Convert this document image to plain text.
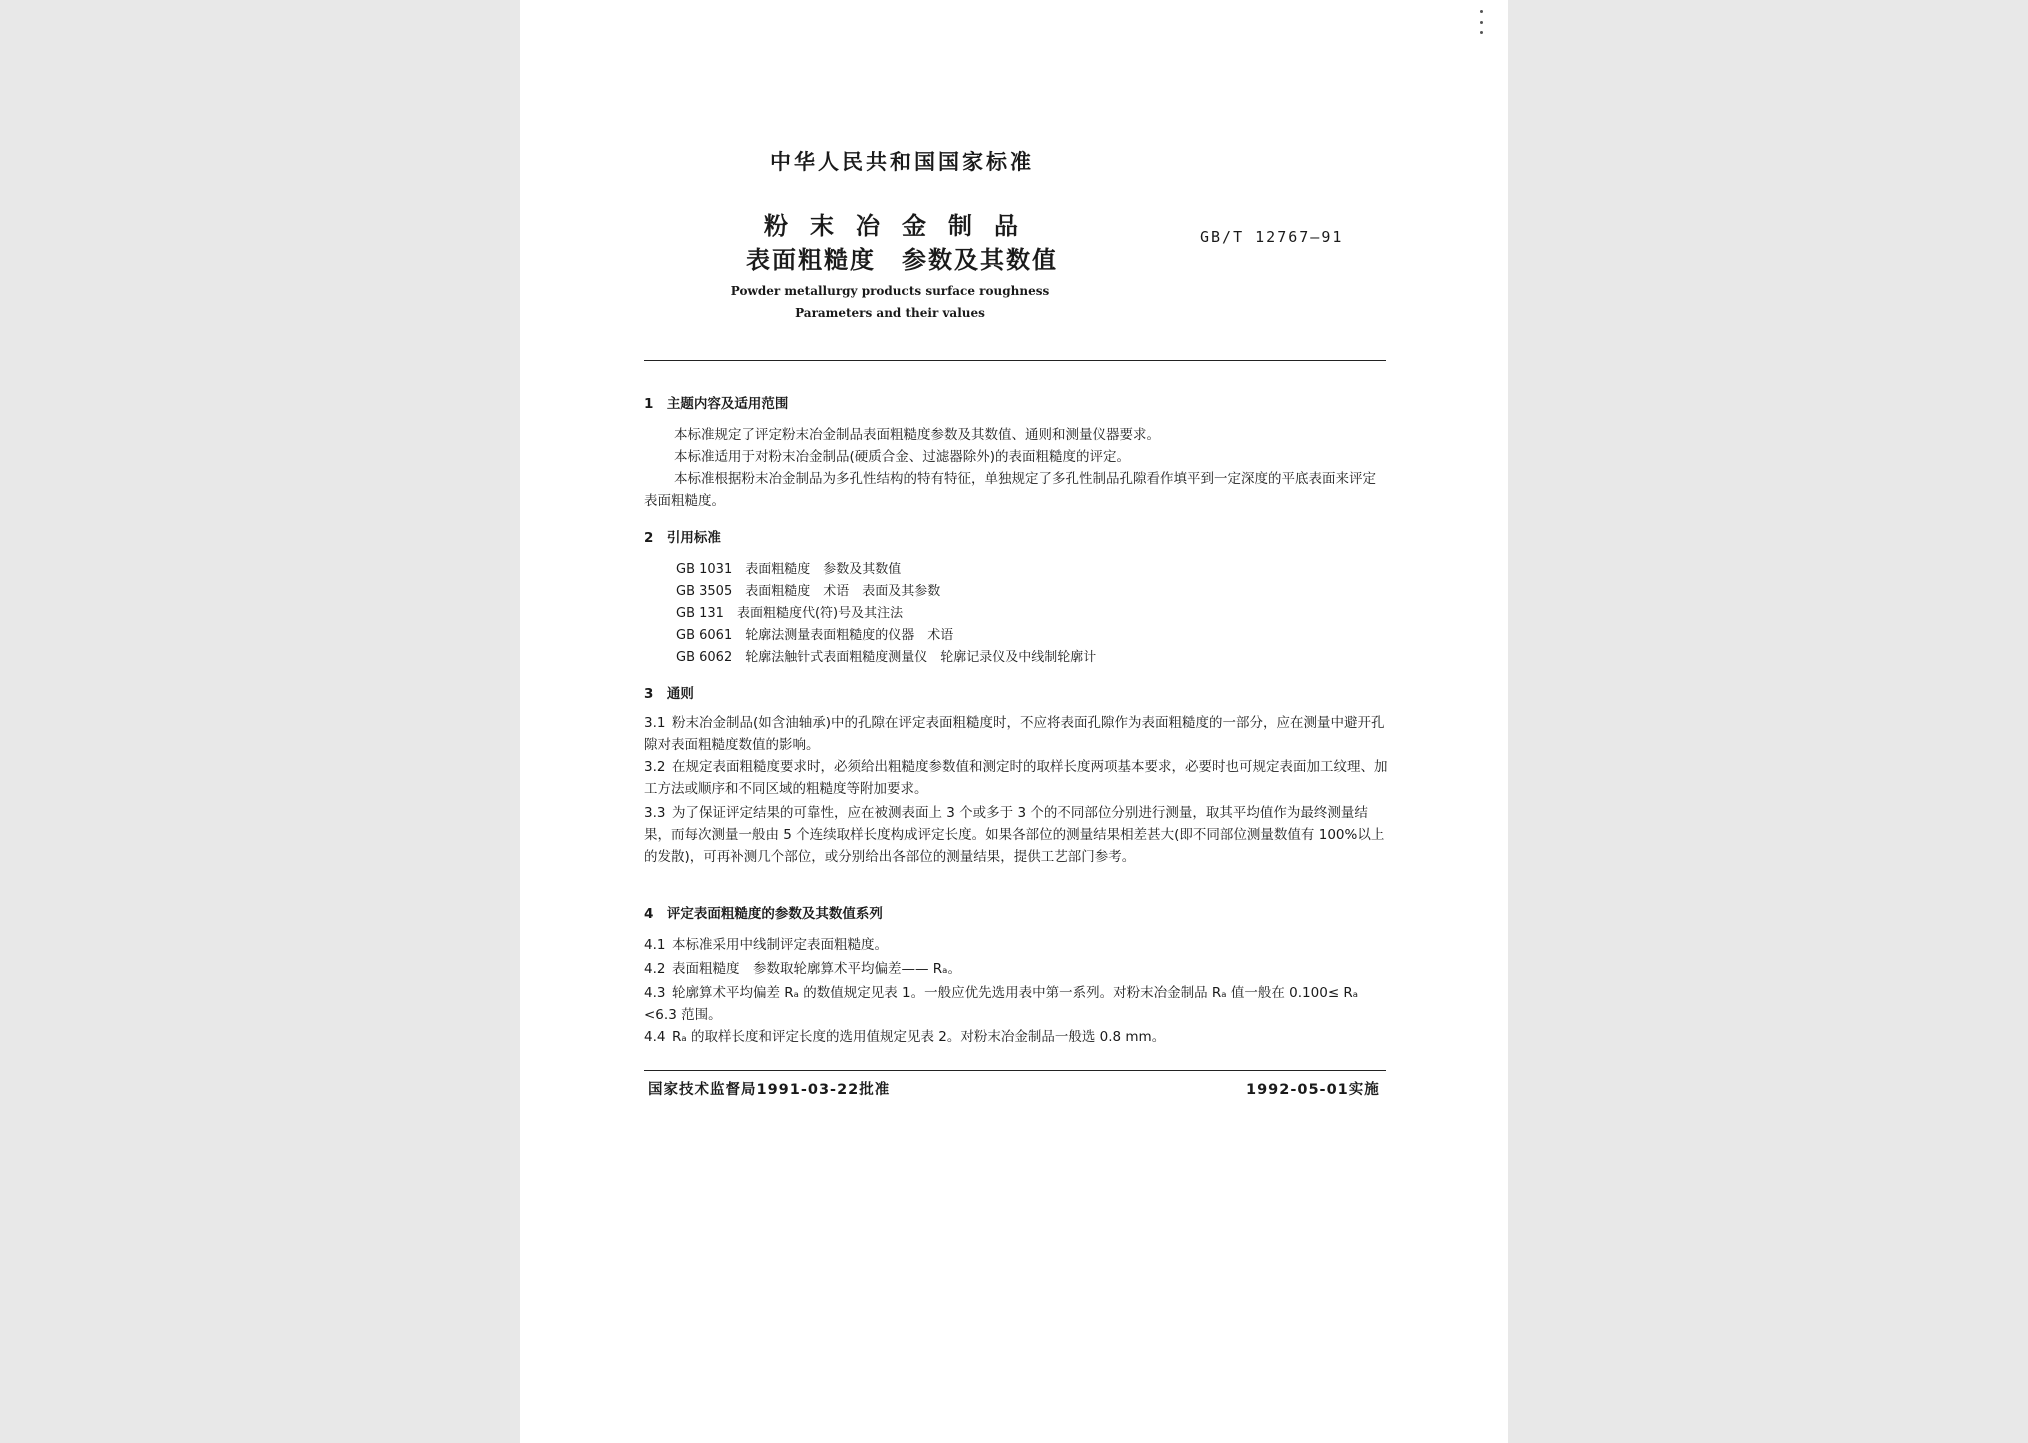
中华人民共和国国家标准
粉末冶金制品
表面粗糙度　参数及其数值
GB/T 12767—91
Powder metallurgy products surface roughness
Parameters and their values
1　主题内容及适用范围
本标准规定了评定粉末冶金制品表面粗糙度参数及其数值、通则和测量仪器要求。
本标准适用于对粉末冶金制品(硬质合金、过滤器除外)的表面粗糙度的评定。
本标准根据粉末冶金制品为多孔性结构的特有特征，单独规定了多孔性制品孔隙看作填平到一定深度的平底表面来评定表面粗糙度。
2　引用标准
GB 1031　表面粗糙度　参数及其数值
GB 3505　表面粗糙度　术语　表面及其参数
GB 131　表面粗糙度代(符)号及其注法
GB 6061　轮廓法测量表面粗糙度的仪器　术语
GB 6062　轮廓法触针式表面粗糙度测量仪　轮廓记录仪及中线制轮廓计
3　通则
3.1 粉末冶金制品(如含油轴承)中的孔隙在评定表面粗糙度时，不应将表面孔隙作为表面粗糙度的一部分，应在测量中避开孔隙对表面粗糙度数值的影响。
3.2 在规定表面粗糙度要求时，必须给出粗糙度参数值和测定时的取样长度两项基本要求，必要时也可规定表面加工纹理、加工方法或顺序和不同区域的粗糙度等附加要求。
3.3 为了保证评定结果的可靠性，应在被测表面上 3 个或多于 3 个的不同部位分别进行测量，取其平均值作为最终测量结果，而每次测量一般由 5 个连续取样长度构成评定长度。如果各部位的测量结果相差甚大(即不同部位测量数值有 100%以上的发散)，可再补测几个部位，或分别给出各部位的测量结果，提供工艺部门参考。
4　评定表面粗糙度的参数及其数值系列
4.1 本标准采用中线制评定表面粗糙度。
4.2 表面粗糙度　参数取轮廓算术平均偏差—— Rₐ。
4.3 轮廓算术平均偏差 Rₐ 的数值规定见表 1。一般应优先选用表中第一系列。对粉末冶金制品 Rₐ 值一般在 0.100≤ Rₐ <6.3 范围。
4.4 Rₐ 的取样长度和评定长度的选用值规定见表 2。对粉末冶金制品一般选 0.8 mm。
国家技术监督局1991-03-22批准	1992-05-01实施
